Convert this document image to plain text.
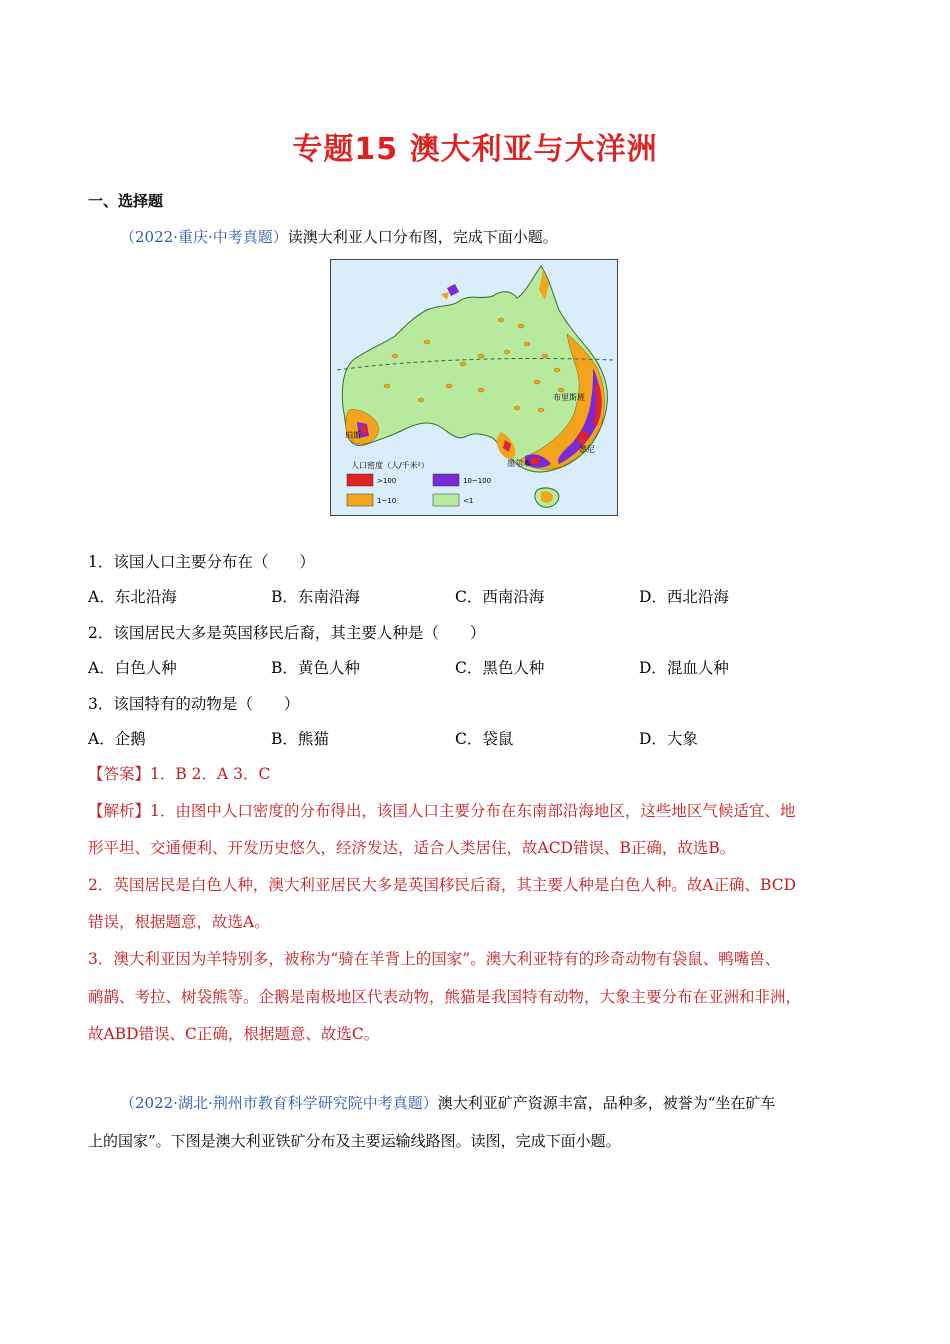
专题15 澳大利亚与大洋洲
一、选择题
（2022·重庆·中考真题）读澳大利亚人口分布图，完成下面小题。
布里斯班
珀斯
墨尔本
悉尼
人口密度（人/千米²）
>100	10~100
1~10	<1
1．该国人口主要分布在（　　）
A．东北沿海	B．东南沿海	C．西南沿海	D．西北沿海
2．该国居民大多是英国移民后裔，其主要人种是（　　）
A．白色人种	B．黄色人种	C．黑色人种	D．混血人种
3．该国特有的动物是（　　）
A．企鹅	B．熊猫	C．袋鼠	D．大象
【答案】1．B 2．A 3．C
【解析】1．由图中人口密度的分布得出，该国人口主要分布在东南部沿海地区，这些地区气候适宜、地
形平坦、交通便利、开发历史悠久，经济发达，适合人类居住，故ACD错误、B正确，故选B。
2．英国居民是白色人种，澳大利亚居民大多是英国移民后裔，其主要人种是白色人种。故A正确、BCD
错误，根据题意，故选A。
3．澳大利亚因为羊特别多，被称为“骑在羊背上的国家”。澳大利亚特有的珍奇动物有袋鼠、鸭嘴兽、
鸸鹋、考拉、树袋熊等。企鹅是南极地区代表动物，熊猫是我国特有动物，大象主要分布在亚洲和非洲，
故ABD错误、C正确，根据题意、故选C。
（2022·湖北·荆州市教育科学研究院中考真题）澳大利亚矿产资源丰富，品种多，被誉为“坐在矿车
上的国家”。下图是澳大利亚铁矿分布及主要运输线路图。读图，完成下面小题。
